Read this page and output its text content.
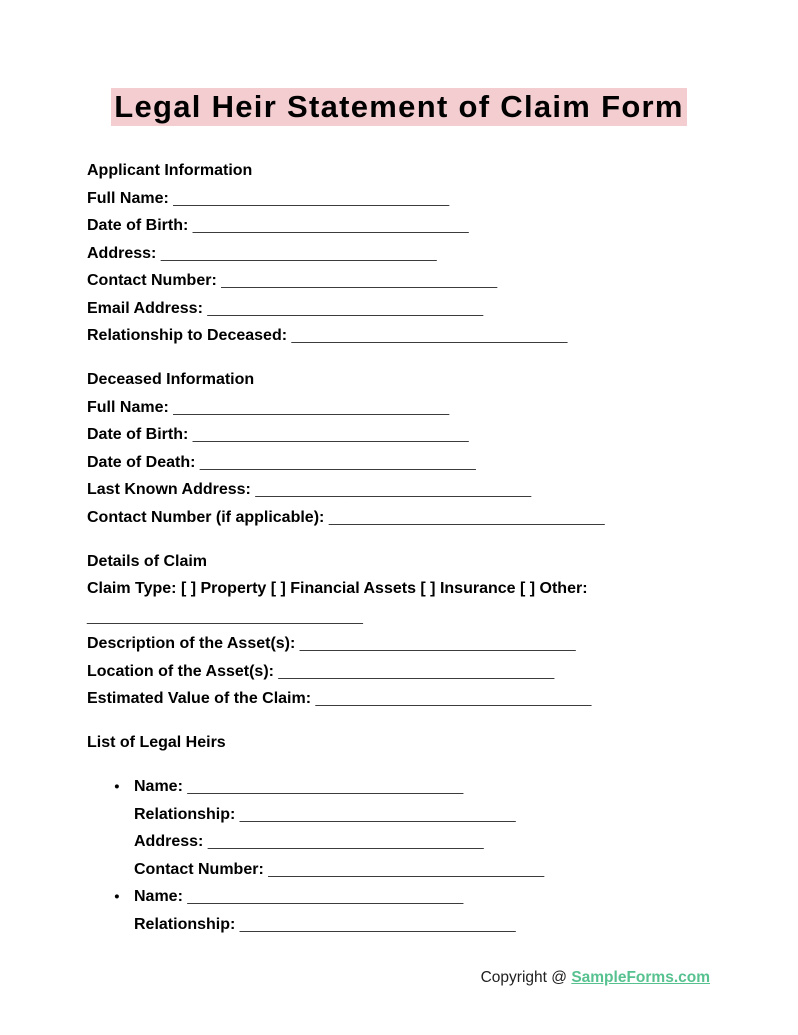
Legal Heir Statement of Claim Form
Applicant Information
Full Name: _______________________________
Date of Birth: _______________________________
Address: _______________________________
Contact Number: _______________________________
Email Address: _______________________________
Relationship to Deceased: _______________________________
Deceased Information
Full Name: _______________________________
Date of Birth: _______________________________
Date of Death: _______________________________
Last Known Address: _______________________________
Contact Number (if applicable): _______________________________
Details of Claim
Claim Type: [ ] Property [ ] Financial Assets [ ] Insurance [ ] Other:
_______________________________
Description of the Asset(s): _______________________________
Location of the Asset(s): _______________________________
Estimated Value of the Claim: _______________________________
List of Legal Heirs
● Name: _______________________________
Relationship: _______________________________
Address: _______________________________
Contact Number: _______________________________
● Name: _______________________________
Relationship: _______________________________
Copyright @ SampleForms.com
